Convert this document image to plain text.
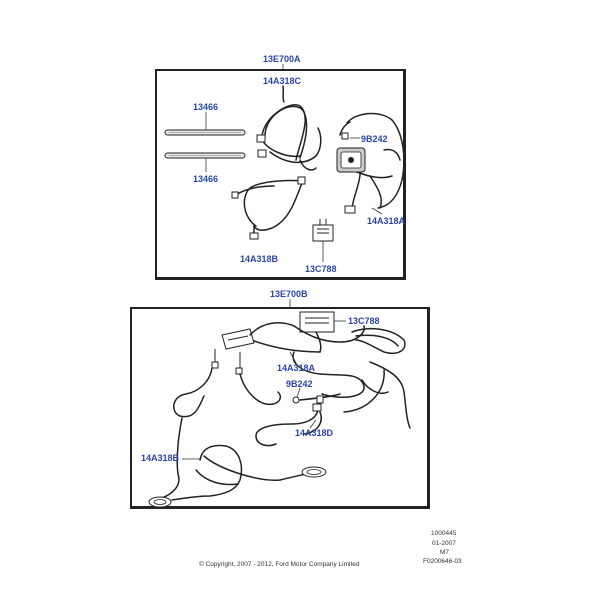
13E700A
14A318C
13466
13466
9B242
14A318A
14A318B
13C788
13E700B
13C788
14A318A
9B242
14A318D
14A318B
1000445
01-2007
M7
F0200646-03
© Copyright, 2007 - 2012, Ford Motor Company Limited
